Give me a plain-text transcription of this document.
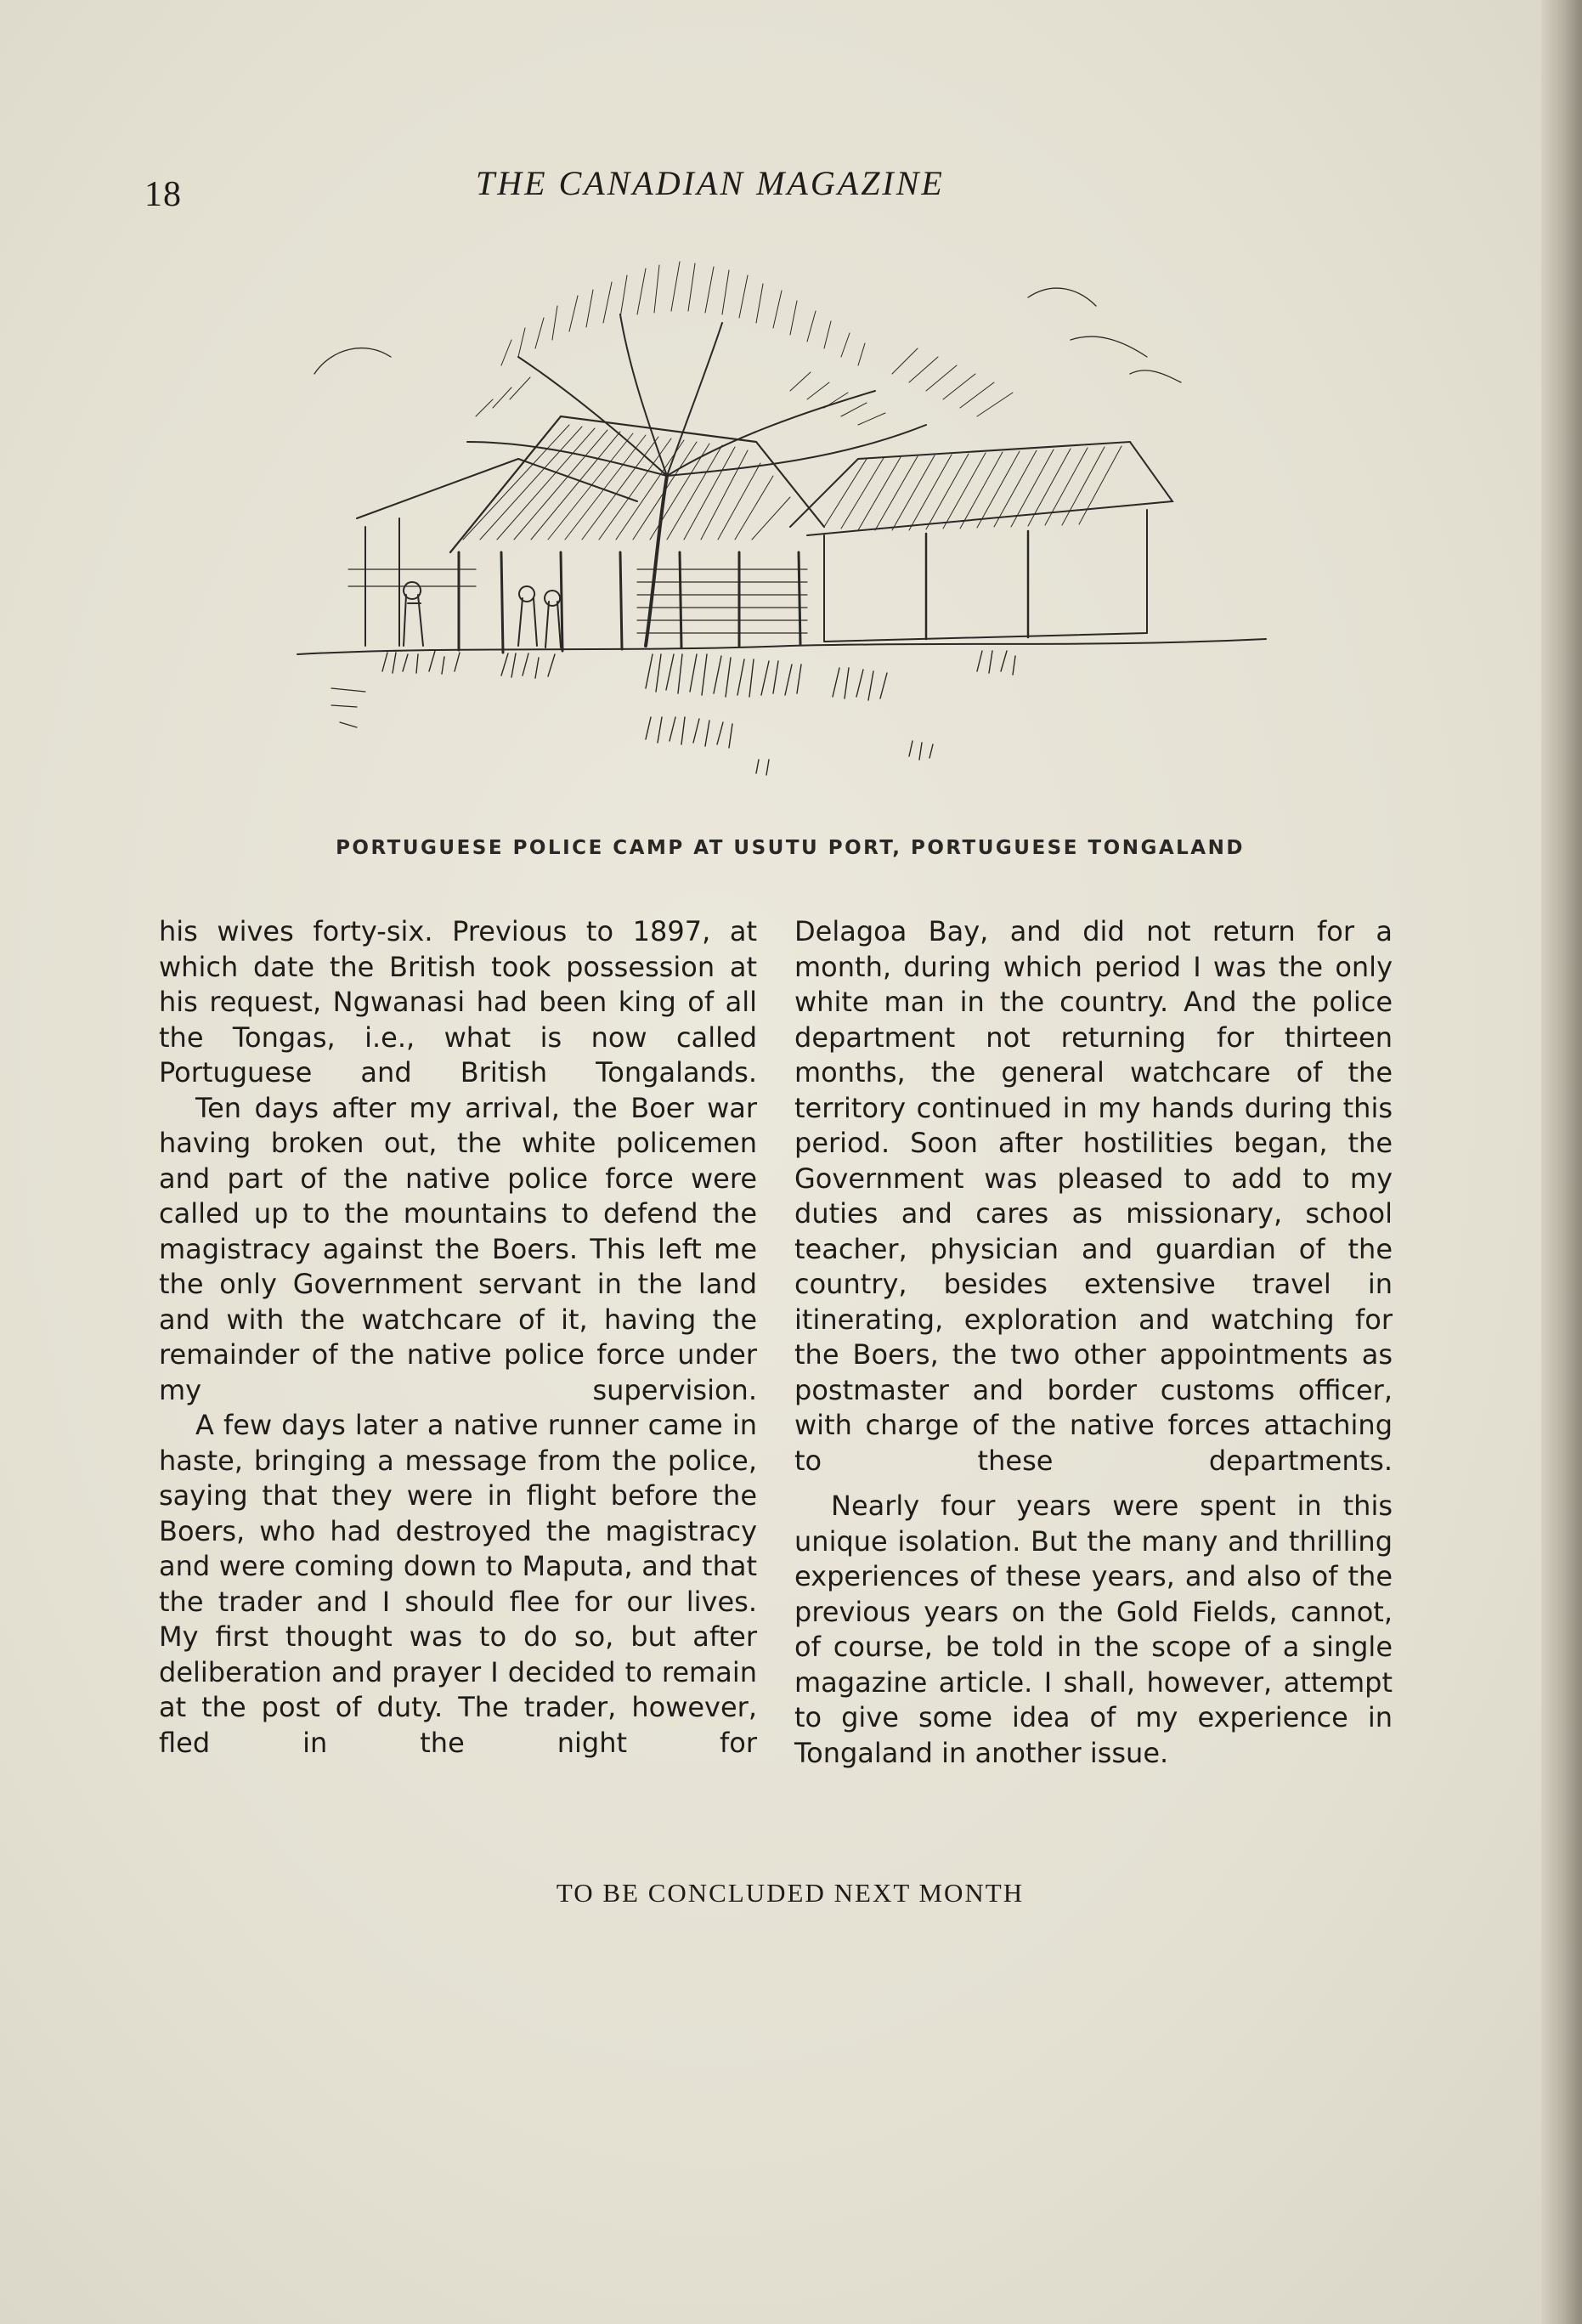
18	THE CANADIAN MAGAZINE
PORTUGUESE POLICE CAMP AT USUTU PORT, PORTUGUESE TONGALAND

his wives forty-six. Previous to 1897, at which date the British took possession at his request, Ngwanasi had been king of all the Tongas, i.e., what is now called Portuguese and British Tongalands.

Ten days after my arrival, the Boer war having broken out, the white policemen and part of the native police force were called up to the mountains to defend the magistracy against the Boers. This left me the only Government servant in the land and with the watchcare of it, having the remainder of the native police force under my supervision.

A few days later a native runner came in haste, bringing a message from the police, saying that they were in flight before the Boers, who had destroyed the magistracy and were coming down to Maputa, and that the trader and I should flee for our lives. My first thought was to do so, but after deliberation and prayer I decided to remain at the post of duty. The trader, however, fled in the night for

Delagoa Bay, and did not return for a month, during which period I was the only white man in the country. And the police department not returning for thirteen months, the general watchcare of the territory continued in my hands during this period. Soon after hostilities began, the Government was pleased to add to my duties and cares as missionary, school teacher, physician and guardian of the country, besides extensive travel in itinerating, exploration and watching for the Boers, the two other appointments as postmaster and border customs officer, with charge of the native forces attaching to these departments.

Nearly four years were spent in this unique isolation. But the many and thrilling experiences of these years, and also of the previous years on the Gold Fields, cannot, of course, be told in the scope of a single magazine article. I shall, however, attempt to give some idea of my experience in Tongaland in another issue.

TO BE CONCLUDED NEXT MONTH
